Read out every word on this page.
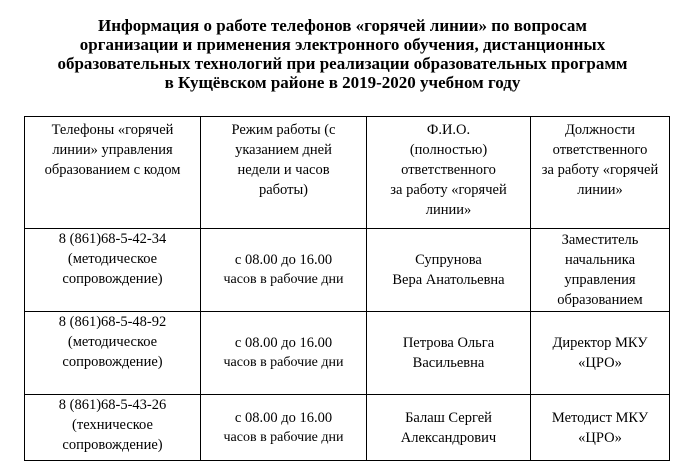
Информация о работе телефонов «горячей линии» по вопросам
организации и применения электронного обучения, дистанционных
образовательных технологий при реализации образовательных программ
в Кущёвском районе в 2019-2020 учебном году
Телефоны «горячей
линии» управления
образованием с кодом	Режим работы (с
указанием дней
недели и часов
работы)	Ф.И.О.
(полностью)
ответственного
за работу «горячей
линии»	Должности
ответственного
за работу «горячей
линии»

8 (861)68-5-42-34
(методическое
сопровождение)	с 08.00 до 16.00
часов в рабочие дни	Супрунова
Вера Анатольевна	Заместитель
начальника
управления
образованием

8 (861)68-5-48-92
(методическое
сопровождение)	с 08.00 до 16.00
часов в рабочие дни	Петрова Ольга
Васильевна	Директор МКУ
«ЦРО»

8 (861)68-5-43-26
(техническое
сопровождение)	с 08.00 до 16.00
часов в рабочие дни	Балаш Сергей
Александрович	Методист МКУ
«ЦРО»
